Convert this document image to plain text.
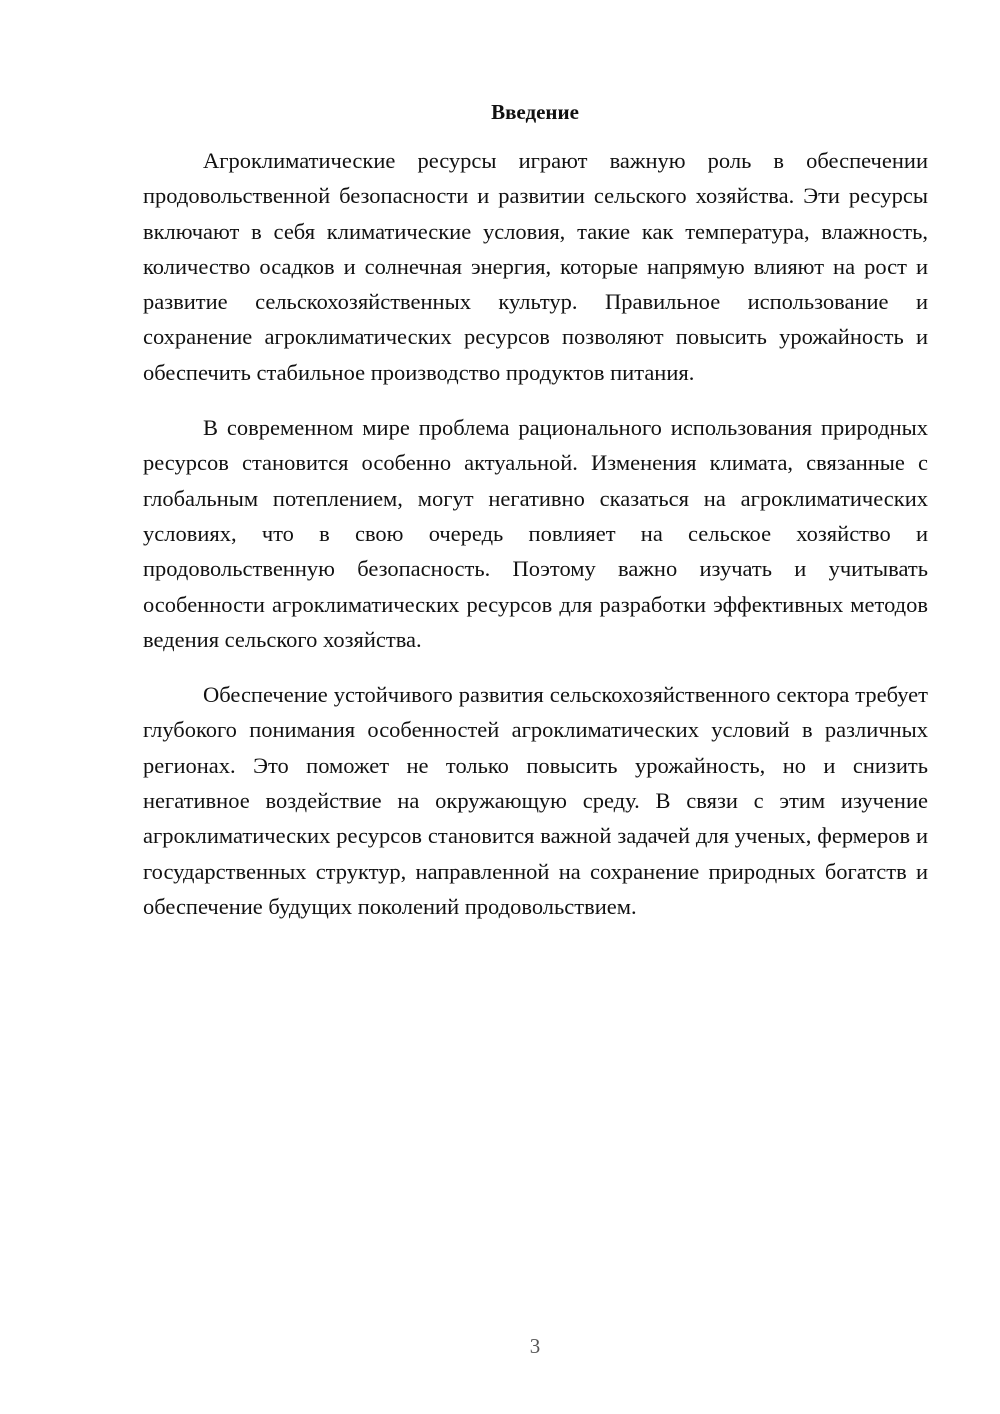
Введение

Агроклиматические ресурсы играют важную роль в обеспечении продовольственной безопасности и развитии сельского хозяйства. Эти ресурсы включают в себя климатические условия, такие как температура, влажность, количество осадков и солнечная энергия, которые напрямую влияют на рост и развитие сельскохозяйственных культур. Правильное использование и сохранение агроклиматических ресурсов позволяют повысить урожайность и обеспечить стабильное производство продуктов питания.

В современном мире проблема рационального использования природных ресурсов становится особенно актуальной. Изменения климата, связанные с глобальным потеплением, могут негативно сказаться на агроклиматических условиях, что в свою очередь повлияет на сельское хозяйство и продовольственную безопасность. Поэтому важно изучать и учитывать особенности агроклиматических ресурсов для разработки эффективных методов ведения сельского хозяйства.

Обеспечение устойчивого развития сельскохозяйственного сектора требует глубокого понимания особенностей агроклиматических условий в различных регионах. Это поможет не только повысить урожайность, но и снизить негативное воздействие на окружающую среду. В связи с этим изучение агроклиматических ресурсов становится важной задачей для ученых, фермеров и государственных структур, направленной на сохранение природных богатств и обеспечение будущих поколений продовольствием.

3
